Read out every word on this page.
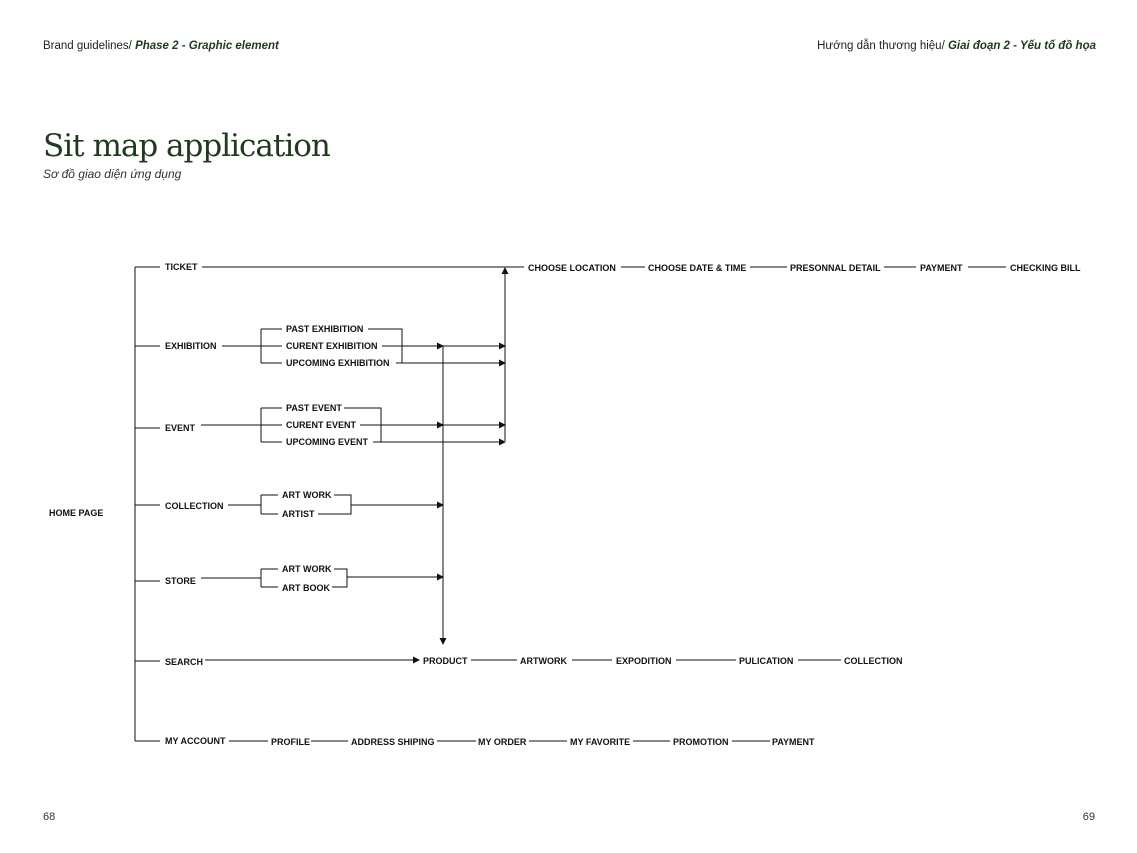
Brand guidelines/ Phase 2 - Graphic element	Hướng dẫn thương hiệu/ Giai đoạn 2 - Yếu tố đồ họa
Sit map application
Sơ đồ giao diện ứng dụng
HOME PAGE
TICKET
EXHIBITION
PAST EXHIBITION
CURENT EXHIBITION
UPCOMING EXHIBITION
EVENT
PAST EVENT
CURENT EVENT
UPCOMING EVENT
COLLECTION
ART WORK
ARTIST
STORE
ART WORK
ART BOOK
SEARCH
MY ACCOUNT
CHOOSE LOCATION	CHOOSE DATE & TIME	PRESONNAL DETAIL	PAYMENT	CHECKING BILL
PRODUCT	ARTWORK	EXPODITION	PULICATION	COLLECTION
PROFILE	ADDRESS SHIPING	MY ORDER	MY FAVORITE	PROMOTION	PAYMENT
68	69
